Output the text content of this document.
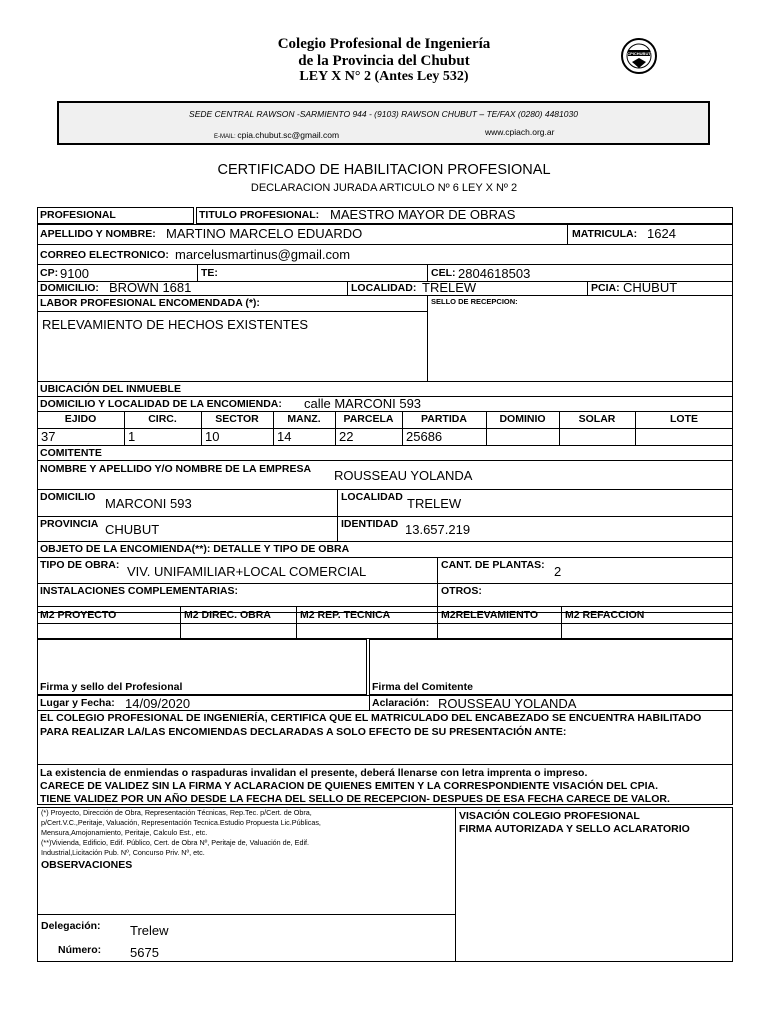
Colegio Profesional de Ingeniería
de la Provincia del Chubut
LEY X N° 2 (Antes Ley 532)
CPICHUBUT
SEDE CENTRAL RAWSON -SARMIENTO 944 - (9103) RAWSON CHUBUT – TE/FAX (0280) 4481030
E-MAIL: cpia.chubut.sc@gmail.com	www.cpiach.org.ar
CERTIFICADO DE HABILITACION PROFESIONAL
DECLARACION JURADA ARTICULO Nº 6 LEY X Nº 2
PROFESIONAL	TITULO PROFESIONAL: MAESTRO MAYOR DE OBRAS
APELLIDO Y NOMBRE: MARTINO MARCELO EDUARDO	MATRICULA: 1624
CORREO ELECTRONICO: marcelusmartinus@gmail.com
CP: 9100	TE:	CEL: 2804618503
DOMICILIO: BROWN 1681	LOCALIDAD: TRELEW	PCIA: CHUBUT
LABOR PROFESIONAL ENCOMENDADA (*):
RELEVAMIENTO DE HECHOS EXISTENTES
SELLO DE RECEPCION:
UBICACIÓN DEL INMUEBLE
DOMICILIO Y LOCALIDAD DE LA ENCOMIENDA: calle MARCONI 593
EJIDO	CIRC.	SECTOR	MANZ.	PARCELA	PARTIDA	DOMINIO	SOLAR	LOTE
37	1	10	14	22	25686
COMITENTE
NOMBRE Y APELLIDO Y/O NOMBRE DE LA EMPRESA ROUSSEAU YOLANDA
DOMICILIO MARCONI 593	LOCALIDAD TRELEW
PROVINCIA CHUBUT	IDENTIDAD 13.657.219
OBJETO DE LA ENCOMIENDA(**): DETALLE Y TIPO DE OBRA
TIPO DE OBRA: VIV. UNIFAMILIAR+LOCAL COMERCIAL	CANT. DE PLANTAS: 2
INSTALACIONES COMPLEMENTARIAS:	OTROS:
M2 PROYECTO	M2 DIREC. OBRA	M2 REP. TECNICA	M2RELEVAMIENTO	M2 REFACCION
Firma y sello del Profesional	Firma del Comitente
Lugar y Fecha: 14/09/2020	Aclaración: ROUSSEAU YOLANDA
EL COLEGIO PROFESIONAL DE INGENIERÍA, CERTIFICA QUE EL MATRICULADO DEL ENCABEZADO SE ENCUENTRA HABILITADO PARA REALIZAR LA/LAS ENCOMIENDAS DECLARADAS A SOLO EFECTO DE SU PRESENTACIÓN ANTE:
La existencia de enmiendas o raspaduras invalidan el presente, deberá llenarse con letra imprenta o impreso.
CARECE DE VALIDEZ SIN LA FIRMA Y ACLARACION DE QUIENES EMITEN Y LA CORRESPONDIENTE VISACIÓN DEL CPIA.
TIENE VALIDEZ POR UN AÑO DESDE LA FECHA DEL SELLO DE RECEPCION- DESPUES DE ESA FECHA CARECE DE VALOR.
(*) Proyecto, Dirección de Obra, Representación Técnicas, Rep.Tec. p/Cert. de Obra,
p/Cert.V.C.,Peritaje, Valuación, Representación Tecnica.Estudio Propuesta Lic.Públicas,
Mensura,Amojonamiento, Peritaje, Calculo Est., etc.
(**)Vivienda, Edificio, Edif. Público, Cert. de Obra Nº, Peritaje de, Valuación de, Edif.
Industrial,Licitación Pub. Nº, Concurso Priv. Nº, etc.
OBSERVACIONES
VISACIÓN COLEGIO PROFESIONAL
FIRMA AUTORIZADA Y SELLO ACLARATORIO
Delegación: Trelew
Número: 5675
